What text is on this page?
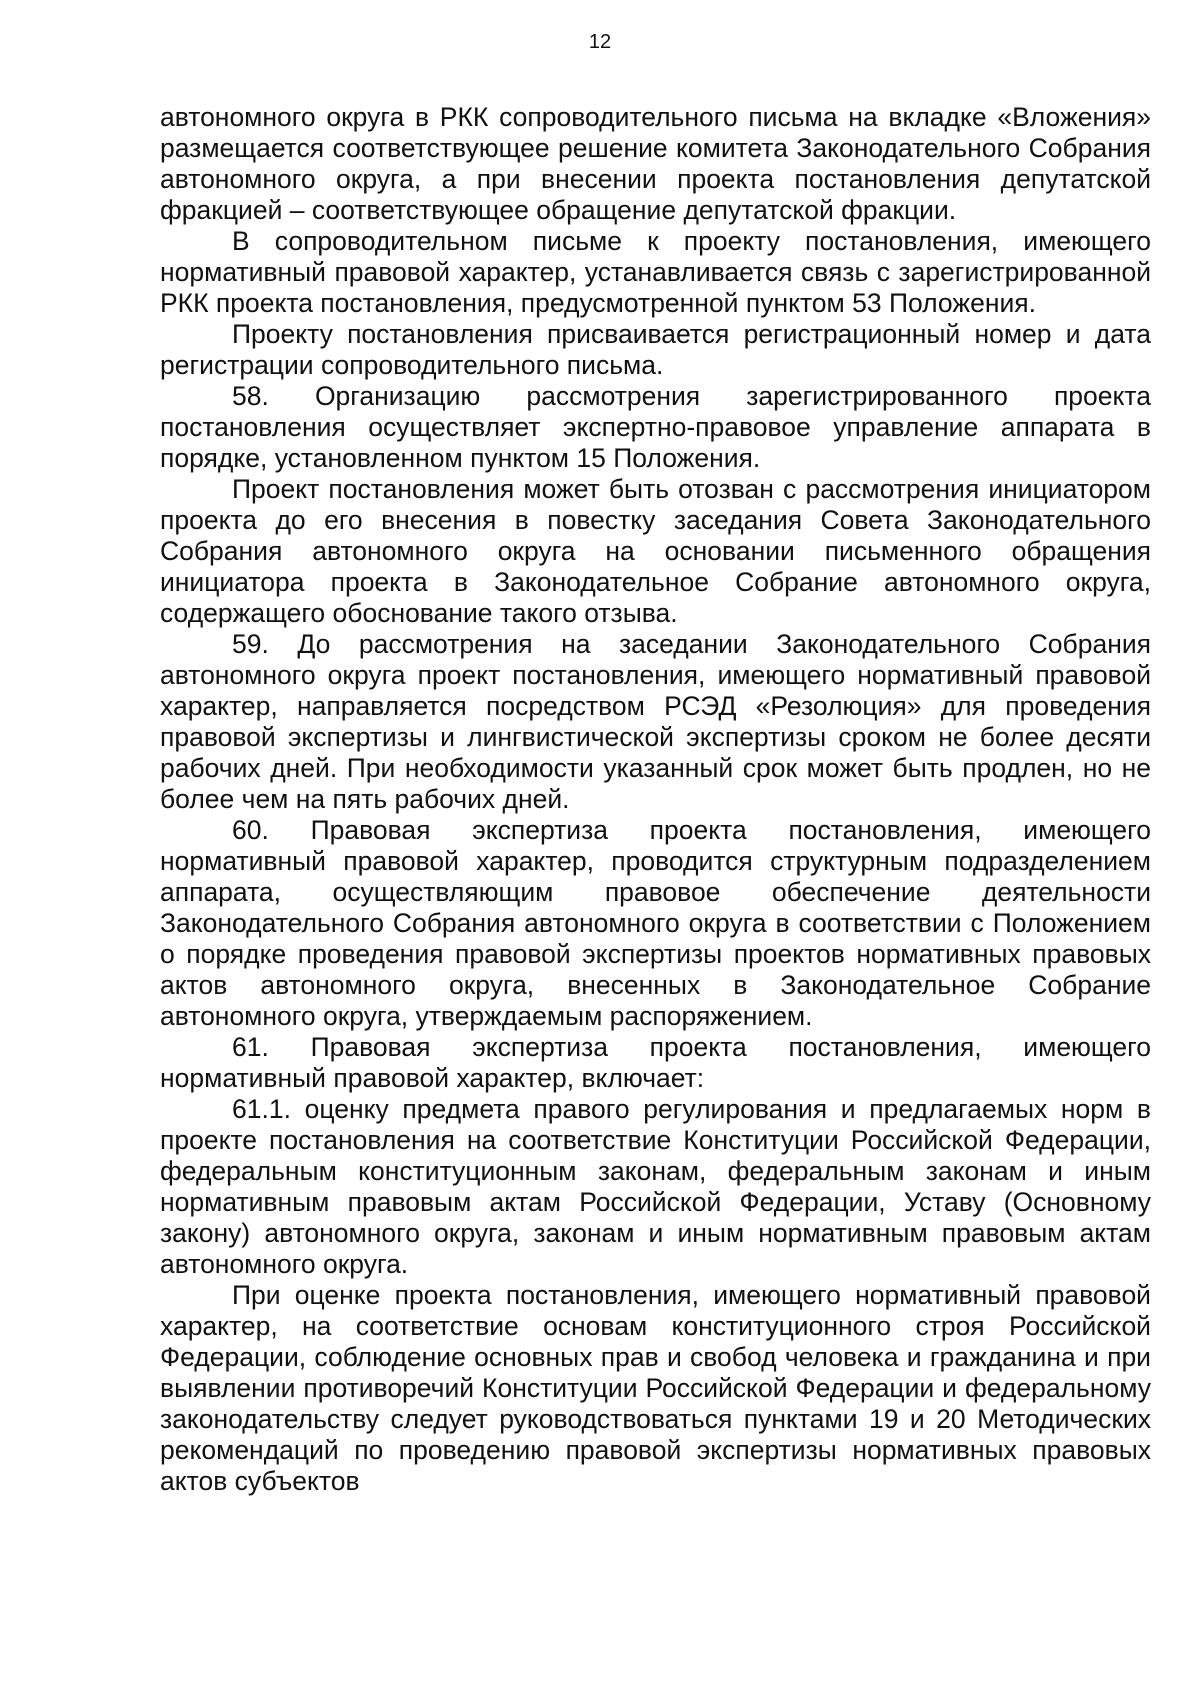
12

автономного округа в РКК сопроводительного письма на вкладке «Вложения» размещается соответствующее решение комитета Законодательного Собрания автономного округа, а при внесении проекта постановления депутатской фракцией – соответствующее обращение депутатской фракции.

В сопроводительном письме к проекту постановления, имеющего нормативный правовой характер, устанавливается связь с зарегистрированной РКК проекта постановления, предусмотренной пунктом 53 Положения.

Проекту постановления присваивается регистрационный номер и дата регистрации сопроводительного письма.

58. Организацию рассмотрения зарегистрированного проекта постановления осуществляет экспертно-правовое управление аппарата в порядке, установленном пунктом 15 Положения.

Проект постановления может быть отозван с рассмотрения инициатором проекта до его внесения в повестку заседания Совета Законодательного Собрания автономного округа на основании письменного обращения инициатора проекта в Законодательное Собрание автономного округа, содержащего обоснование такого отзыва.

59. До рассмотрения на заседании Законодательного Собрания автономного округа проект постановления, имеющего нормативный правовой характер, направляется посредством РСЭД «Резолюция» для проведения правовой экспертизы и лингвистической экспертизы сроком не более десяти рабочих дней. При необходимости указанный срок может быть продлен, но не более чем на пять рабочих дней.

60. Правовая экспертиза проекта постановления, имеющего нормативный правовой характер, проводится структурным подразделением аппарата, осуществляющим правовое обеспечение деятельности Законодательного Собрания автономного округа в соответствии с Положением о порядке проведения правовой экспертизы проектов нормативных правовых актов автономного округа, внесенных в Законодательное Собрание автономного округа, утверждаемым распоряжением.

61. Правовая экспертиза проекта постановления, имеющего нормативный правовой характер, включает:

61.1. оценку предмета правого регулирования и предлагаемых норм в проекте постановления на соответствие Конституции Российской Федерации, федеральным конституционным законам, федеральным законам и иным нормативным правовым актам Российской Федерации, Уставу (Основному закону) автономного округа, законам и иным нормативным правовым актам автономного округа.

При оценке проекта постановления, имеющего нормативный правовой характер, на соответствие основам конституционного строя Российской Федерации, соблюдение основных прав и свобод человека и гражданина и при выявлении противоречий Конституции Российской Федерации и федеральному законодательству следует руководствоваться пунктами 19 и 20 Методических рекомендаций по проведению правовой экспертизы нормативных правовых актов субъектов
